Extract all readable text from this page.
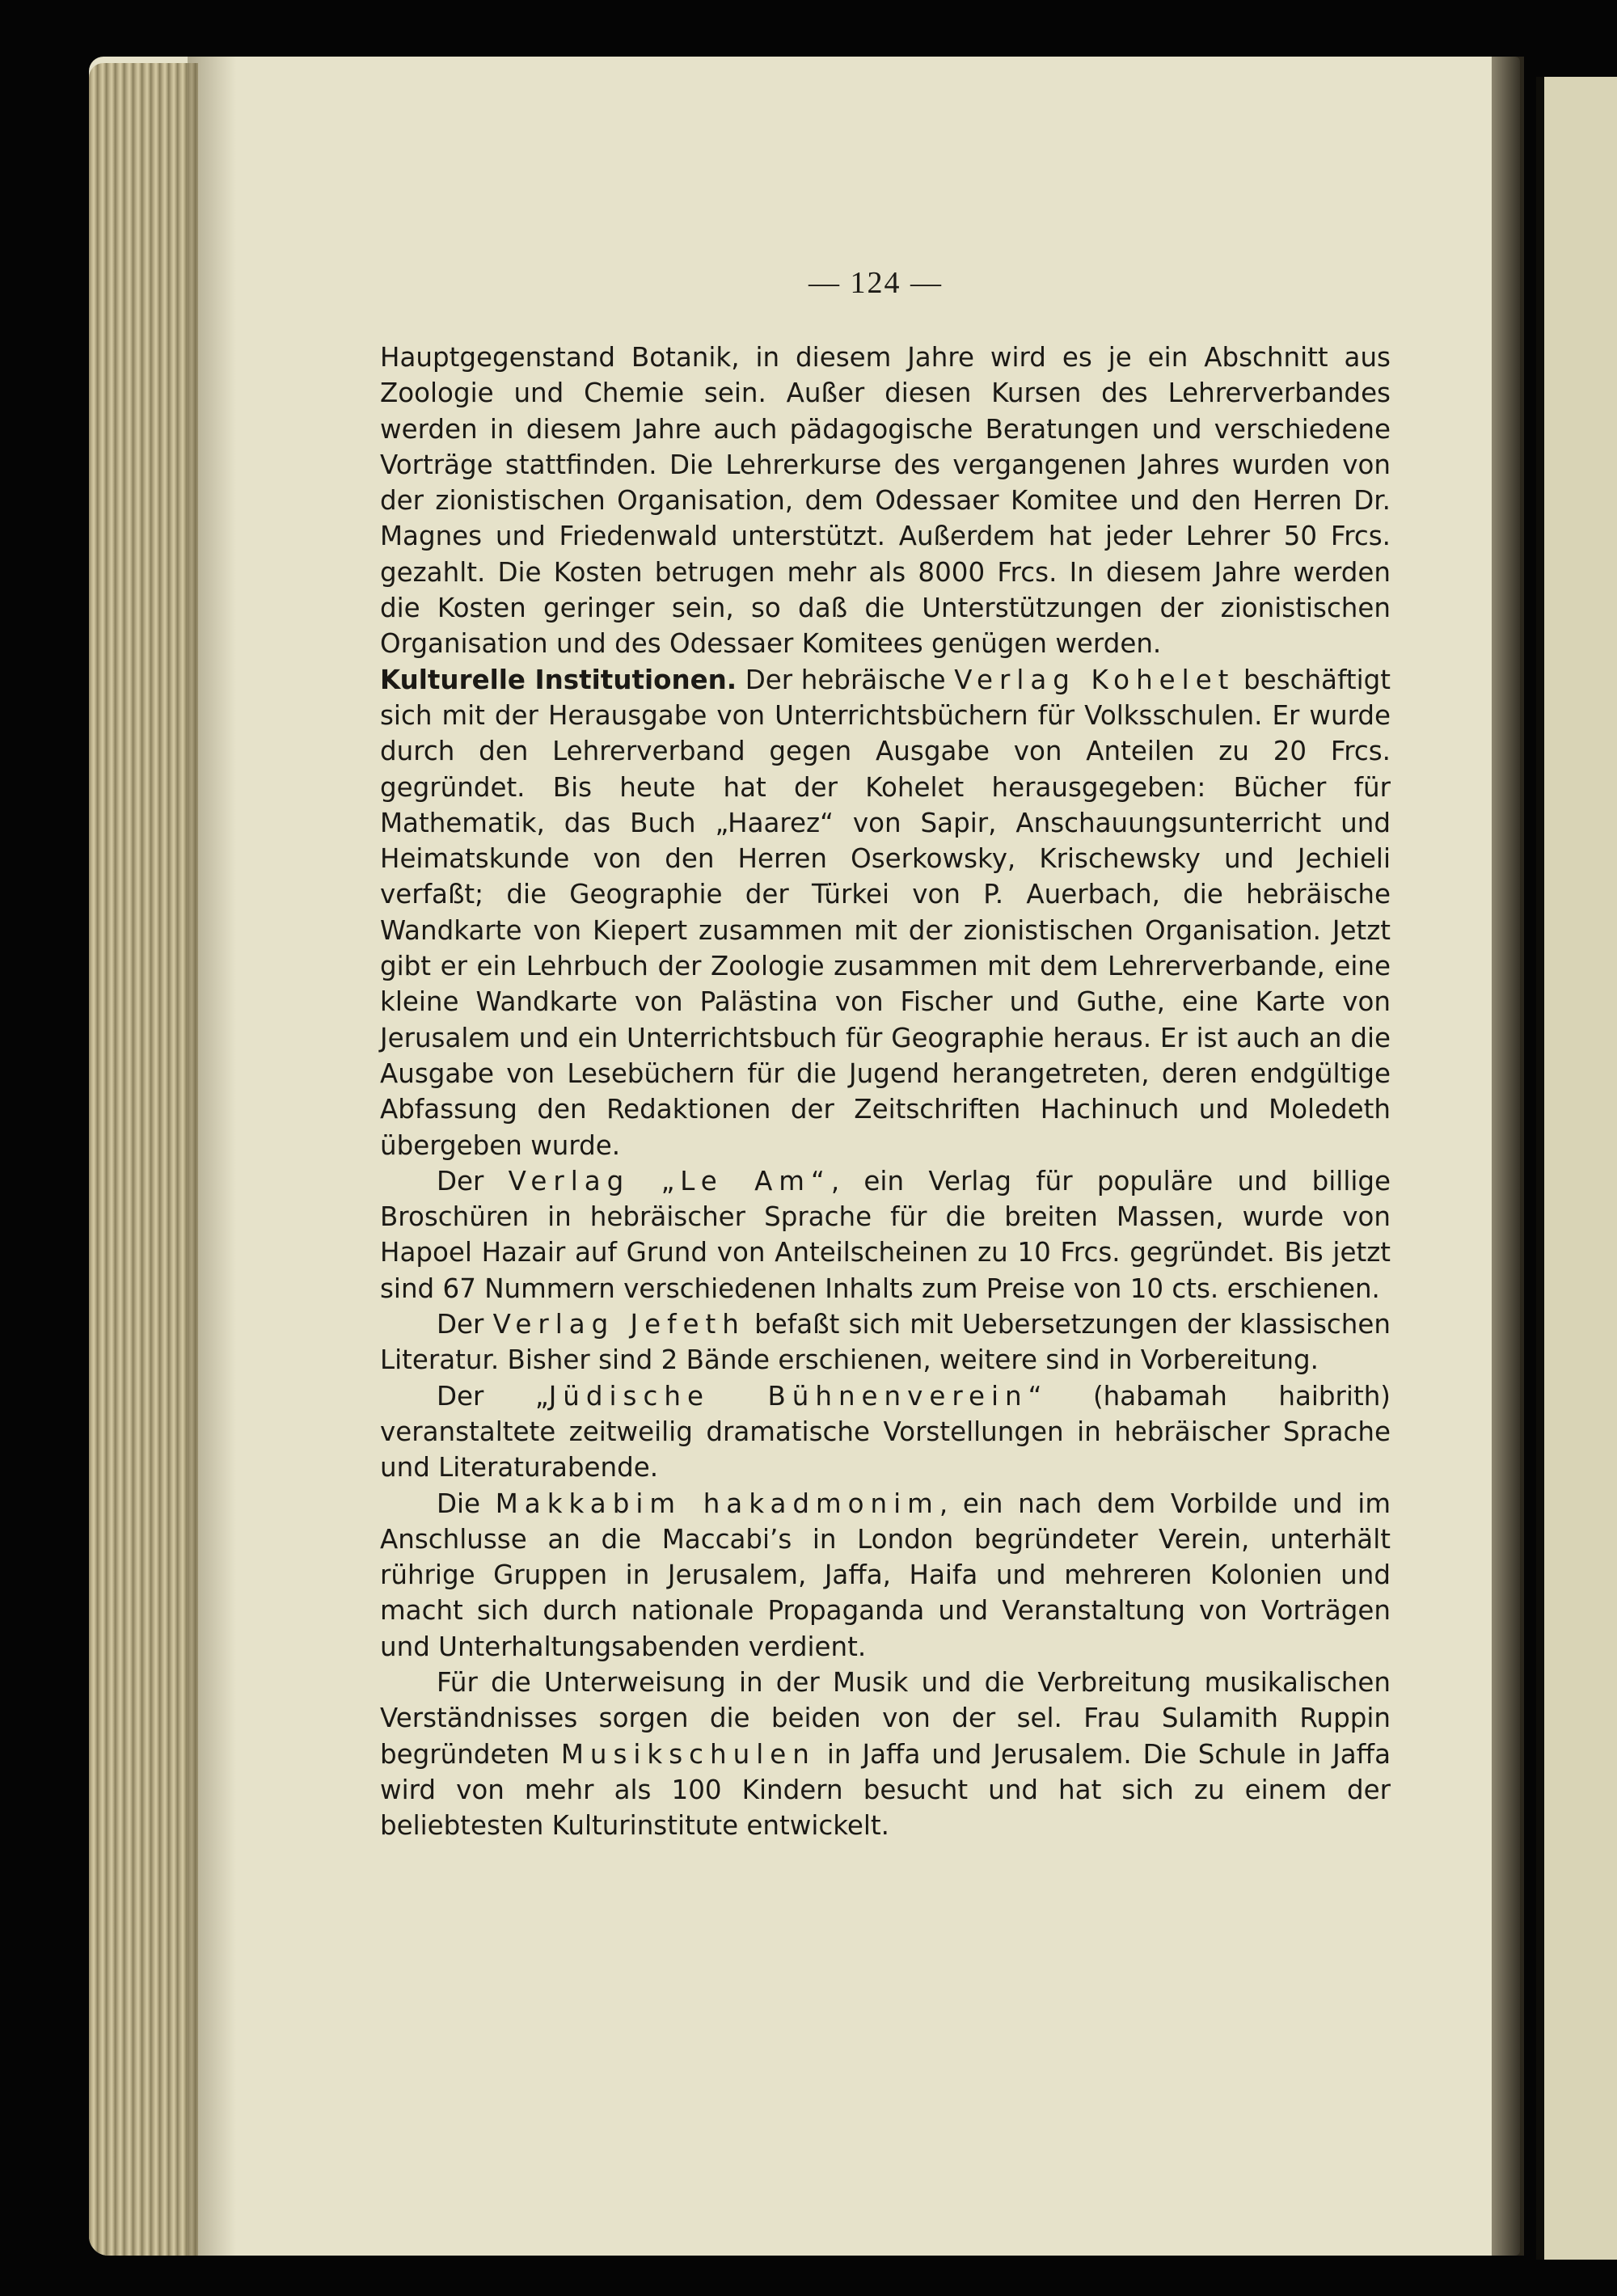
— 124 —

Hauptgegenstand Botanik, in diesem Jahre wird es je ein Abschnitt aus Zoologie und Chemie sein. Außer diesen Kursen des Lehrerverbandes werden in diesem Jahre auch pädagogische Beratungen und verschiedene Vorträge stattfinden. Die Lehrerkurse des vergangenen Jahres wurden von der zionistischen Organisation, dem Odessaer Komitee und den Herren Dr. Magnes und Friedenwald unterstützt. Außerdem hat jeder Lehrer 50 Frcs. gezahlt. Die Kosten betrugen mehr als 8000 Frcs. In diesem Jahre werden die Kosten geringer sein, so daß die Unterstützungen der zionistischen Organisation und des Odessaer Komitees genügen werden.

Kulturelle Institutionen. Der hebräische Verlag Kohelet beschäftigt sich mit der Herausgabe von Unterrichtsbüchern für Volksschulen. Er wurde durch den Lehrerverband gegen Ausgabe von Anteilen zu 20 Frcs. gegründet. Bis heute hat der Kohelet herausgegeben: Bücher für Mathematik, das Buch „Haarez“ von Sapir, Anschauungsunterricht und Heimatskunde von den Herren Oserkowsky, Krischewsky und Jechieli verfaßt; die Geographie der Türkei von P. Auerbach, die hebräische Wandkarte von Kiepert zusammen mit der zionistischen Organisation. Jetzt gibt er ein Lehrbuch der Zoologie zusammen mit dem Lehrerverbande, eine kleine Wandkarte von Palästina von Fischer und Guthe, eine Karte von Jerusalem und ein Unterrichtsbuch für Geographie heraus. Er ist auch an die Ausgabe von Lesebüchern für die Jugend herangetreten, deren endgültige Abfassung den Redaktionen der Zeitschriften Hachinuch und Moledeth übergeben wurde.

Der Verlag „Le Am“, ein Verlag für populäre und billige Broschüren in hebräischer Sprache für die breiten Massen, wurde von Hapoel Hazair auf Grund von Anteilscheinen zu 10 Frcs. gegründet. Bis jetzt sind 67 Nummern verschiedenen Inhalts zum Preise von 10 cts. erschienen.

Der Verlag Jefeth befaßt sich mit Uebersetzungen der klassischen Literatur. Bisher sind 2 Bände erschienen, weitere sind in Vorbereitung.

Der „Jüdische Bühnenverein“ (habamah haibrith) veranstaltete zeitweilig dramatische Vorstellungen in hebräischer Sprache und Literaturabende.

Die Makkabim hakadmonim, ein nach dem Vorbilde und im Anschlusse an die Maccabi’s in London begründeter Verein, unterhält rührige Gruppen in Jerusalem, Jaffa, Haifa und mehreren Kolonien und macht sich durch nationale Propaganda und Veranstaltung von Vorträgen und Unterhaltungsabenden verdient.

Für die Unterweisung in der Musik und die Verbreitung musikalischen Verständnisses sorgen die beiden von der sel. Frau Sulamith Ruppin begründeten Musikschulen in Jaffa und Jerusalem. Die Schule in Jaffa wird von mehr als 100 Kindern besucht und hat sich zu einem der beliebtesten Kulturinstitute entwickelt.
